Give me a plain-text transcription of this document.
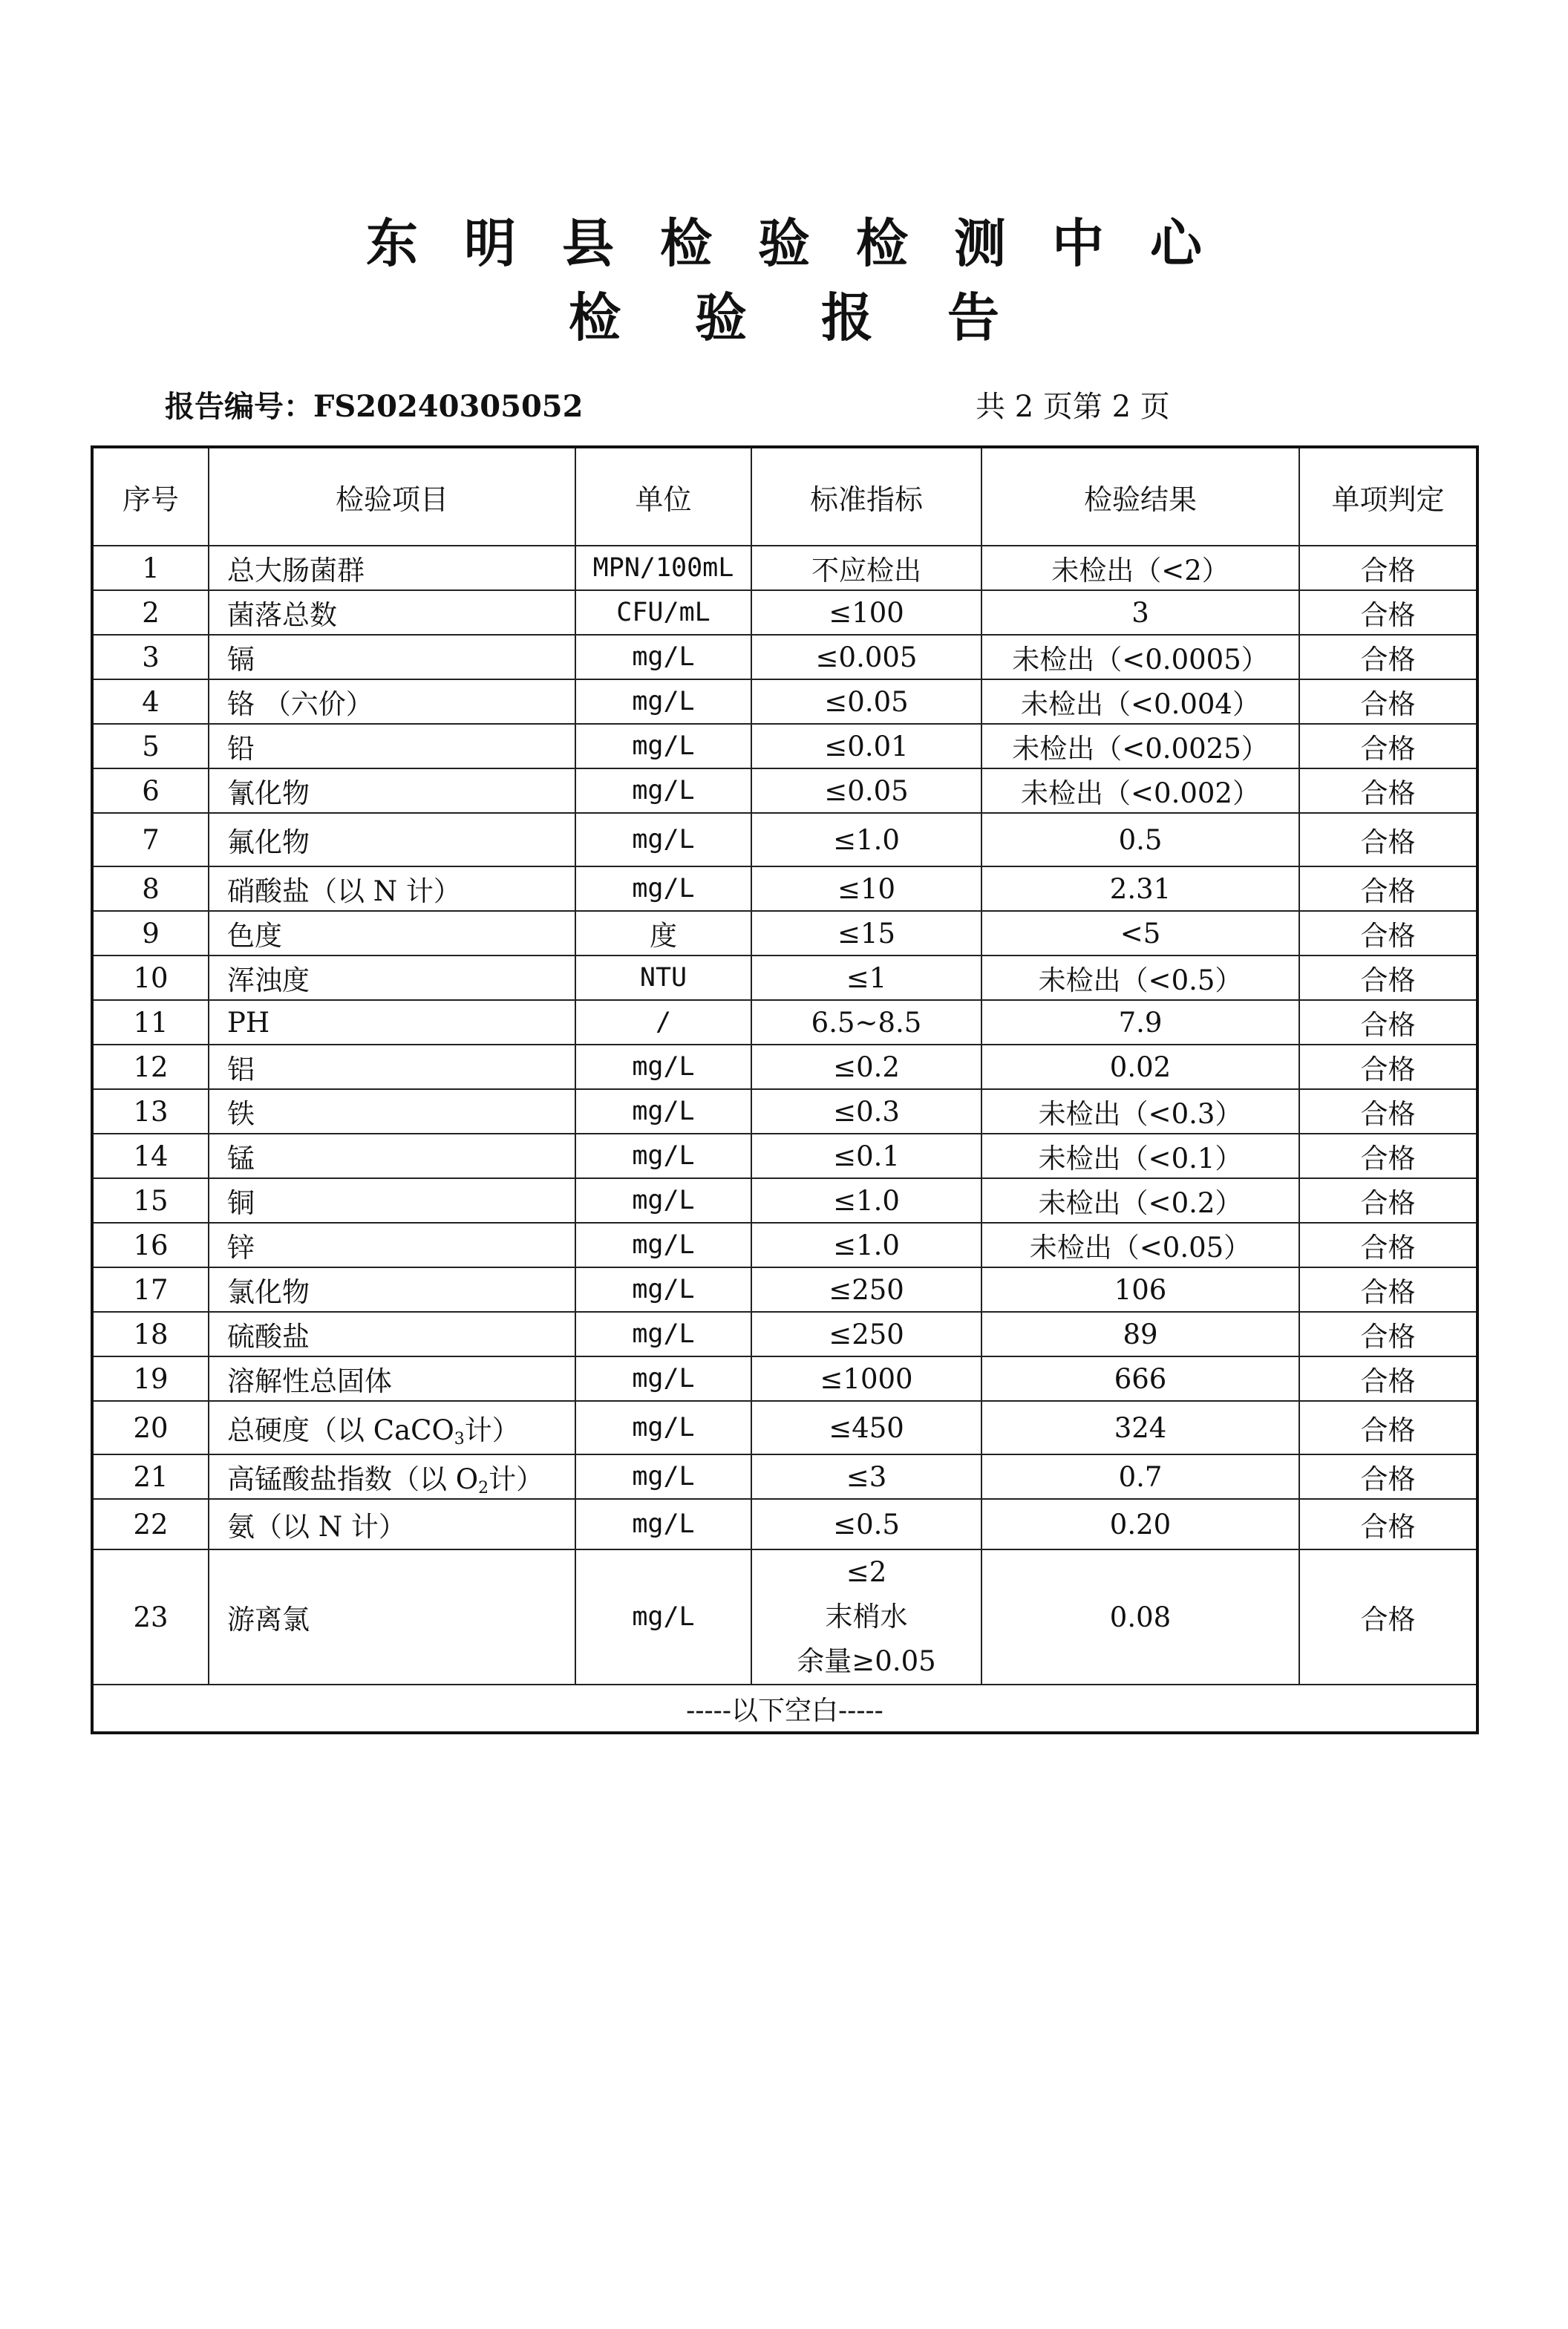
东明县检验检测中心
检验报告
报告编号：FS20240305052	共 2 页第 2 页
序号	检验项目	单位	标准指标	检验结果	单项判定
1	总大肠菌群	MPN/100mL	不应检出	未检出（<2）	合格
2	菌落总数	CFU/mL	≤100	3	合格
3	镉	mg/L	≤0.005	未检出（<0.0005）	合格
4	铬 （六价）	mg/L	≤0.05	未检出（<0.004）	合格
5	铅	mg/L	≤0.01	未检出（<0.0025）	合格
6	氰化物	mg/L	≤0.05	未检出（<0.002）	合格
7	氟化物	mg/L	≤1.0	0.5	合格
8	硝酸盐（以 N 计）	mg/L	≤10	2.31	合格
9	色度	度	≤15	<5	合格
10	浑浊度	NTU	≤1	未检出（<0.5）	合格
11	PH	/	6.5~8.5	7.9	合格
12	铝	mg/L	≤0.2	0.02	合格
13	铁	mg/L	≤0.3	未检出（<0.3）	合格
14	锰	mg/L	≤0.1	未检出（<0.1）	合格
15	铜	mg/L	≤1.0	未检出（<0.2）	合格
16	锌	mg/L	≤1.0	未检出（<0.05）	合格
17	氯化物	mg/L	≤250	106	合格
18	硫酸盐	mg/L	≤250	89	合格
19	溶解性总固体	mg/L	≤1000	666	合格
20	总硬度（以 CaCO$_3$计）	mg/L	≤450	324	合格
21	高锰酸盐指数（以 $O_2$计）	mg/L	≤3	0.7	合格
22	氨（以 N 计）	mg/L	≤0.5	0.20	合格
23	游离氯	mg/L	≤2
末梢水
余量≥0.05	0.08	合格
-----以下空白-----					
